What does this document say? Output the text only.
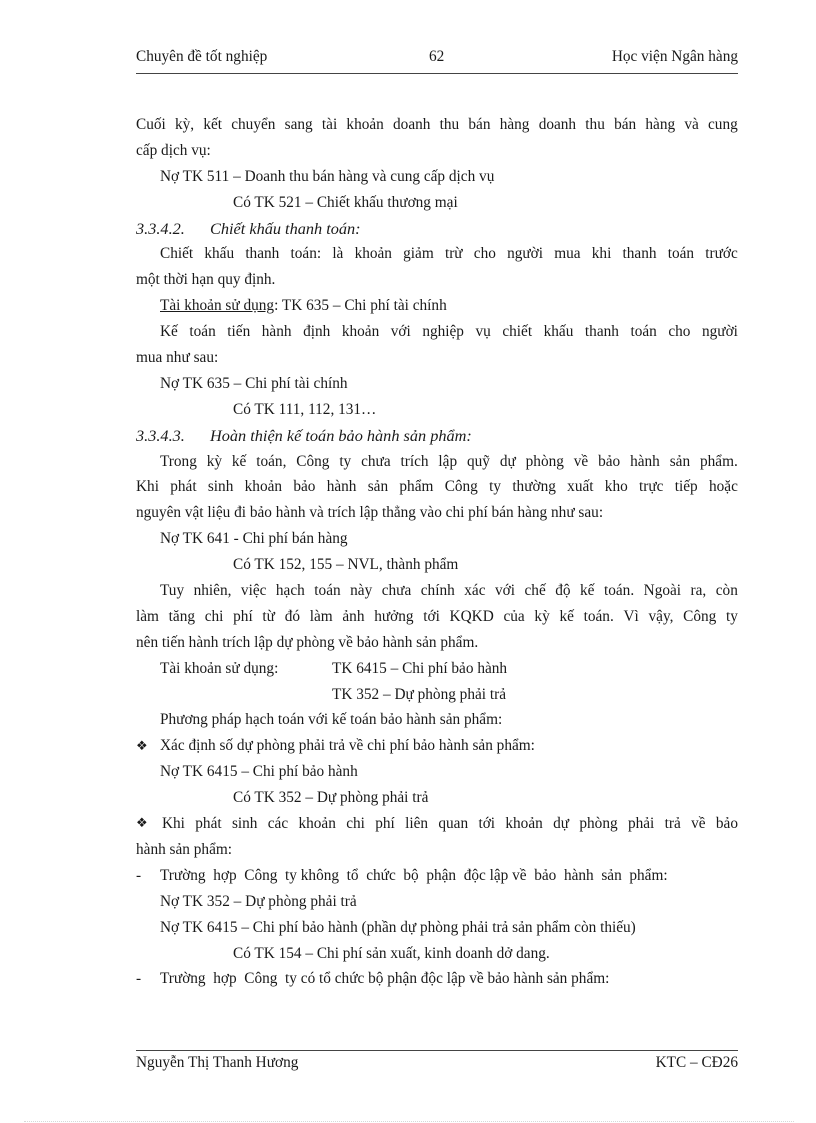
Chuyên đề tốt nghiệp	62	Học viện Ngân hàng
Cuối kỳ, kết chuyển sang tài khoản doanh thu bán hàng doanh thu bán hàng và cung
cấp dịch vụ:
Nợ TK 511 – Doanh thu bán hàng và cung cấp dịch vụ
Có TK 521 – Chiết khấu thương mại
3.3.4.2. Chiết khấu thanh toán:
Chiết khấu thanh toán: là khoản giảm trừ cho người mua khi thanh toán trước
một thời hạn quy định.
Tài khoản sử dụng: TK 635 – Chi phí tài chính
Kế toán tiến hành định khoản với nghiệp vụ chiết khấu thanh toán cho người
mua như sau:
Nợ TK 635 – Chi phí tài chính
Có TK 111, 112, 131…
3.3.4.3. Hoàn thiện kế toán bảo hành sản phẩm:
Trong kỳ kế toán, Công ty chưa trích lập quỹ dự phòng về bảo hành sản phẩm.
Khi phát sinh khoản bảo hành sản phẩm Công ty thường xuất kho trực tiếp hoặc
nguyên vật liệu đi bảo hành và trích lập thẳng vào chi phí bán hàng như sau:
Nợ TK 641 - Chi phí bán hàng
Có TK 152, 155 – NVL, thành phẩm
Tuy nhiên, việc hạch toán này chưa chính xác với chế độ kế toán. Ngoài ra, còn
làm tăng chi phí từ đó làm ảnh hưởng tới KQKD của kỳ kế toán. Vì vậy, Công ty
nên tiến hành trích lập dự phòng về bảo hành sản phẩm.
Tài khoản sử dụng:	TK 6415 – Chi phí bảo hành
TK 352 – Dự phòng phải trả
Phương pháp hạch toán với kế toán bảo hành sản phẩm:
❖ Xác định số dự phòng phải trả về chi phí bảo hành sản phẩm:
Nợ TK 6415 – Chi phí bảo hành
Có TK 352 – Dự phòng phải trả
❖ Khi phát sinh các khoản chi phí liên quan tới khoản dự phòng phải trả về bảo
hành sản phẩm:
- Trường  hợp  Công  ty không  tổ  chức  bộ  phận  độc lập về  bảo  hành  sản  phẩm:
Nợ TK 352 – Dự phòng phải trả
Nợ TK 6415 – Chi phí bảo hành (phần dự phòng phải trả sản phẩm còn thiếu)
Có TK 154 – Chi phí sản xuất, kinh doanh dở dang.
- Trường  hợp  Công  ty có tổ chức bộ phận độc lập về bảo hành sản phẩm:
Nguyễn Thị Thanh Hương	KTC – CĐ26
